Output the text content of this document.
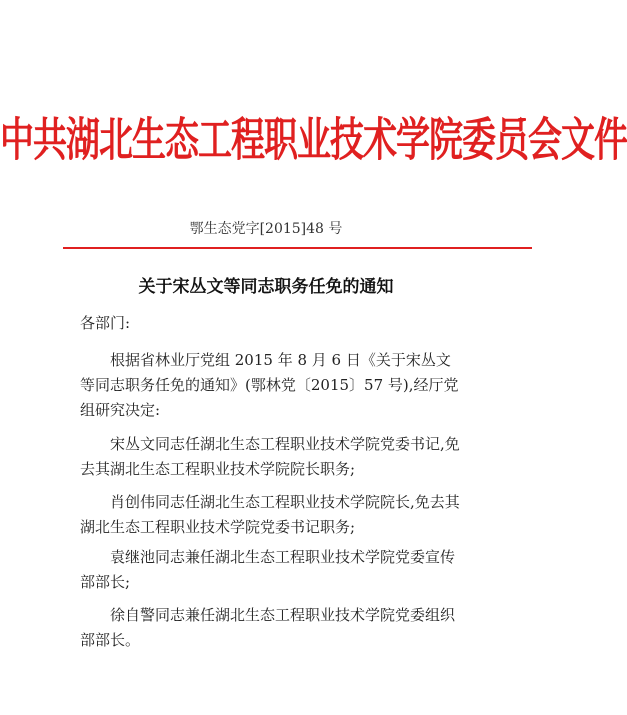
中共湖北生态工程职业技术学院委员会文件
鄂生态党字[2015]48 号
关于宋丛文等同志职务任免的通知
各部门:

根据省林业厅党组 2015 年 8 月 6 日《关于宋丛文等同志职务任免的通知》(鄂林党〔2015〕57 号),经厅党组研究决定:

宋丛文同志任湖北生态工程职业技术学院党委书记,免去其湖北生态工程职业技术学院院长职务;

肖创伟同志任湖北生态工程职业技术学院院长,免去其湖北生态工程职业技术学院党委书记职务;

袁继池同志兼任湖北生态工程职业技术学院党委宣传部部长;

徐自警同志兼任湖北生态工程职业技术学院党委组织部部长。
